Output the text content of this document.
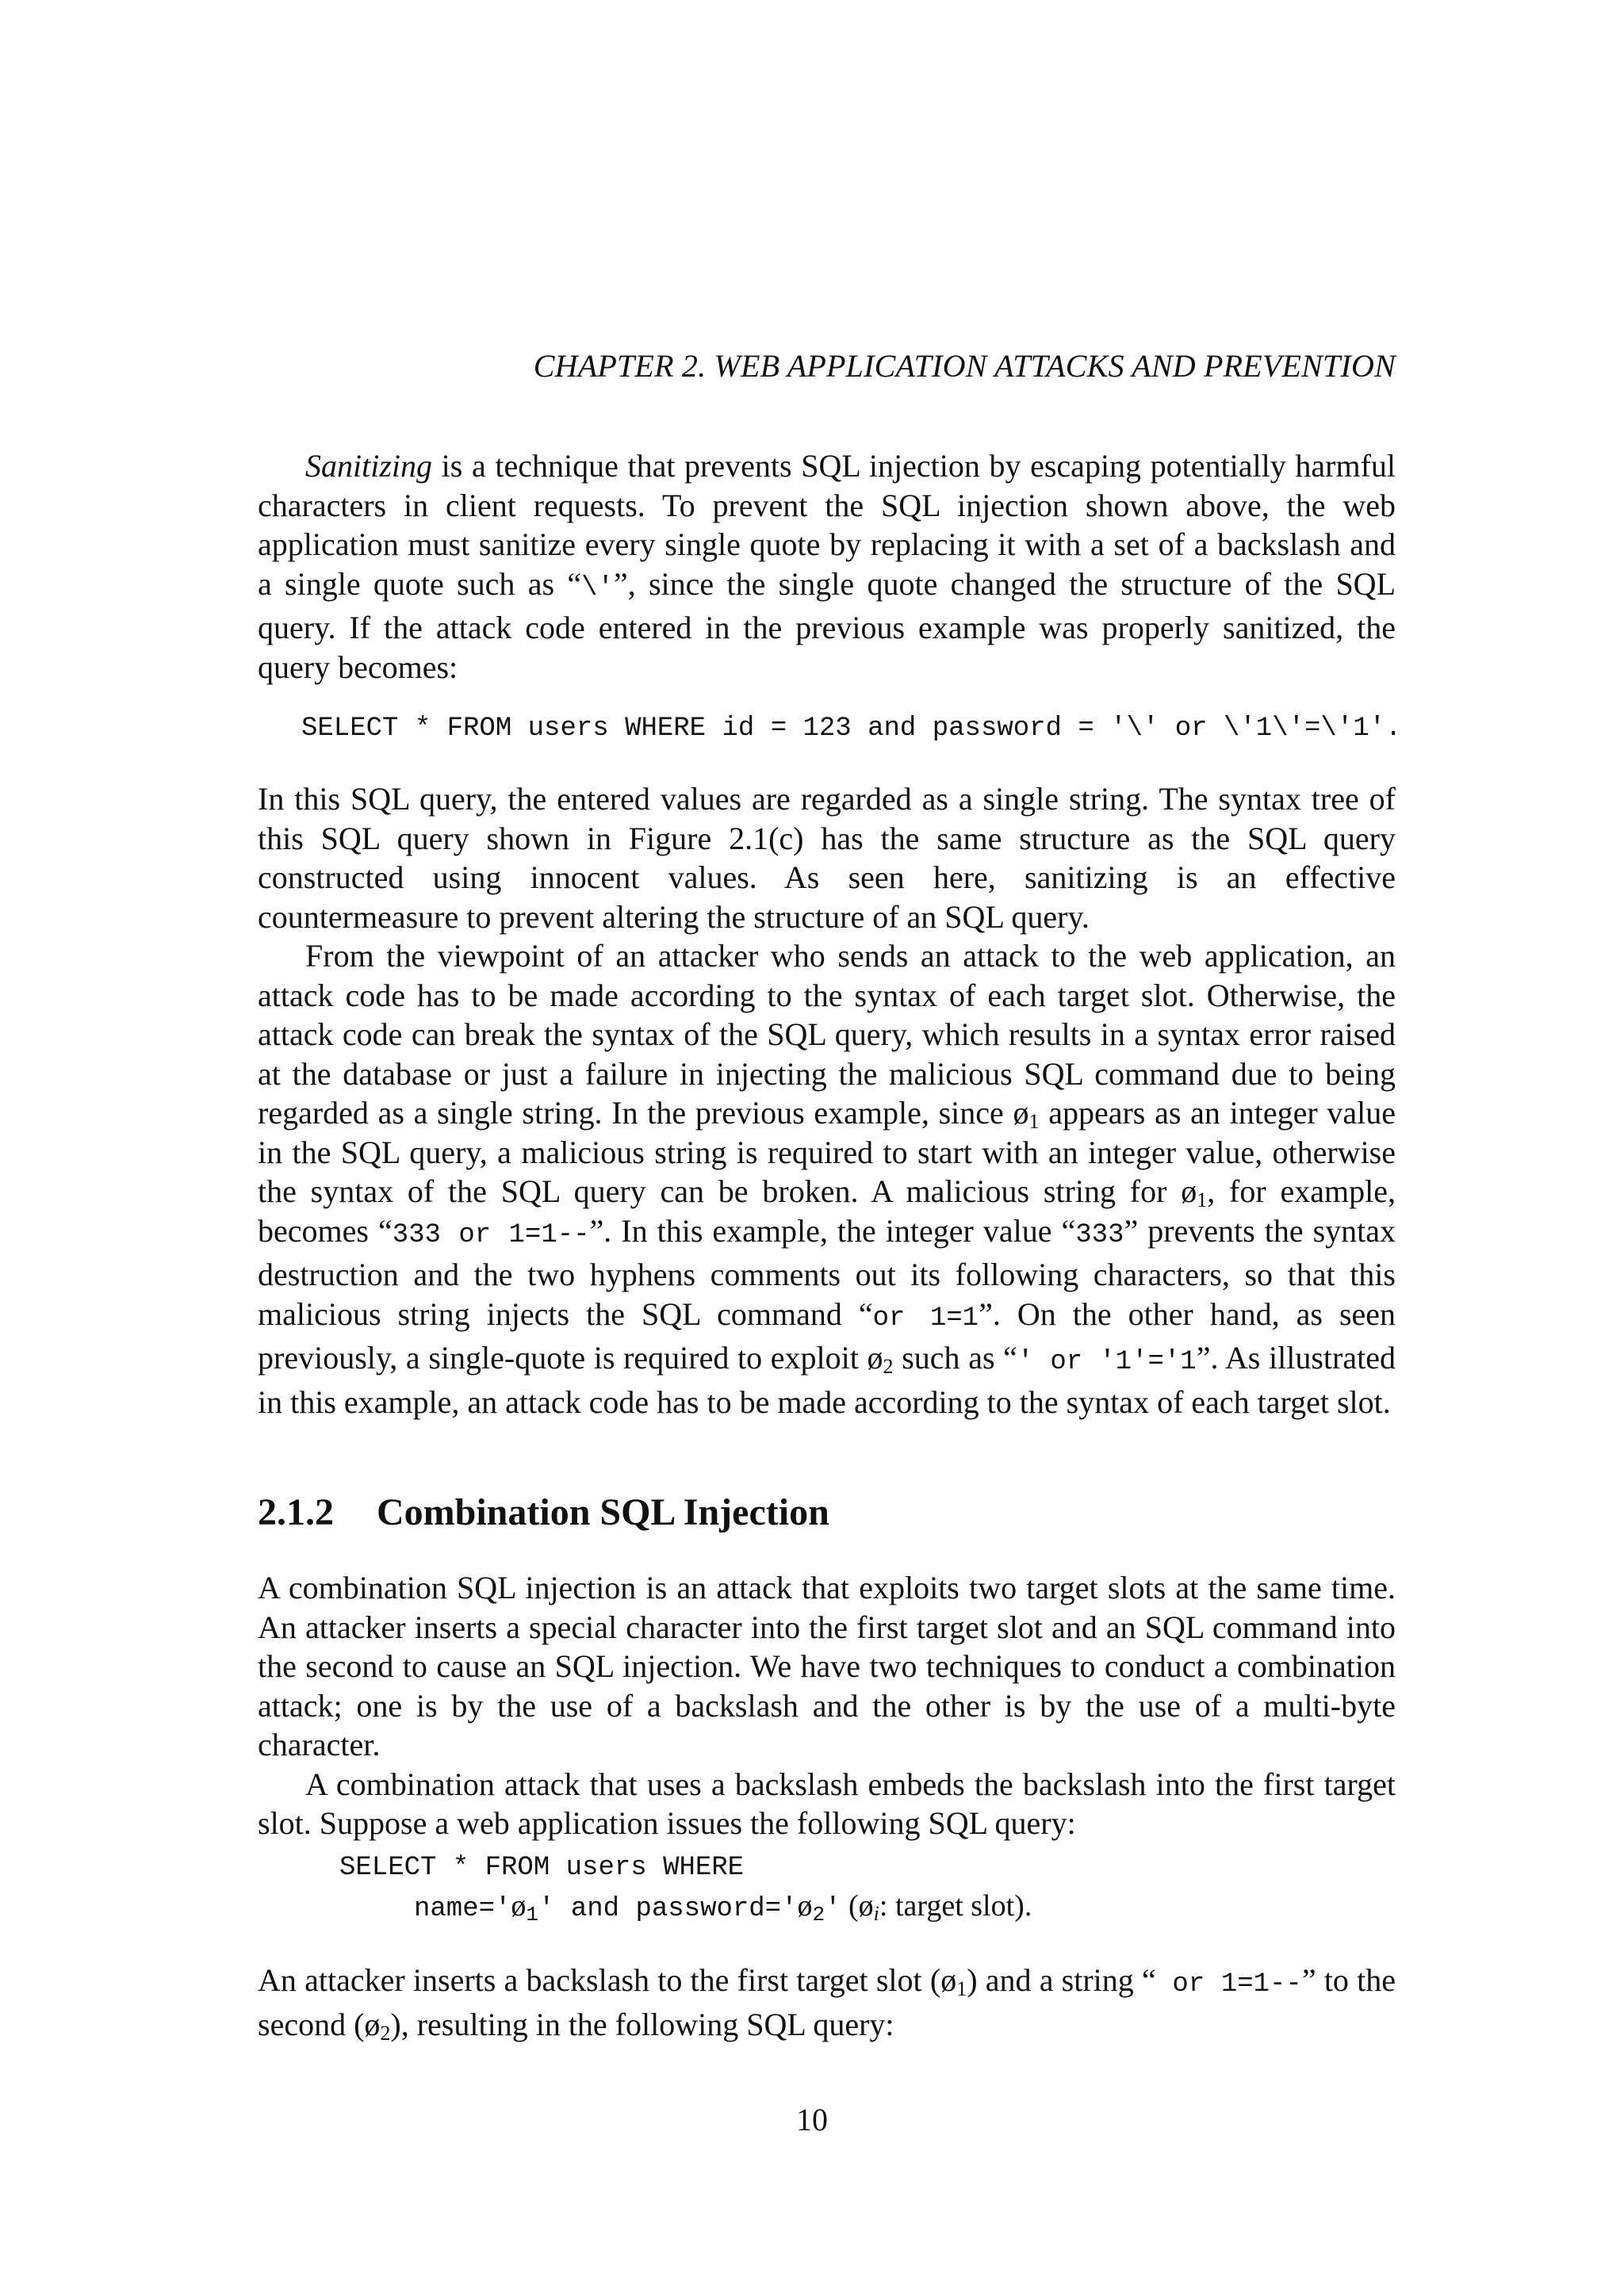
CHAPTER 2. WEB APPLICATION ATTACKS AND PREVENTION

Sanitizing is a technique that prevents SQL injection by escaping potentially harmful characters in client requests. To prevent the SQL injection shown above, the web application must sanitize every single quote by replacing it with a set of a backslash and a single quote such as “\'”, since the single quote changed the structure of the SQL query. If the attack code entered in the previous example was properly sanitized, the query becomes:

SELECT * FROM users WHERE id = 123 and password = '\' or \'1\'=\'1'.

In this SQL query, the entered values are regarded as a single string. The syntax tree of this SQL query shown in Figure 2.1(c) has the same structure as the SQL query constructed using innocent values. As seen here, sanitizing is an effective countermeasure to prevent altering the structure of an SQL query.

From the viewpoint of an attacker who sends an attack to the web application, an attack code has to be made according to the syntax of each target slot. Otherwise, the attack code can break the syntax of the SQL query, which results in a syntax error raised at the database or just a failure in injecting the malicious SQL command due to being regarded as a single string. In the previous example, since $ø_1$ appears as an integer value in the SQL query, a malicious string is required to start with an integer value, otherwise the syntax of the SQL query can be broken. A malicious string for $ø_1$, for example, becomes “333 or 1=1--”. In this example, the integer value “333” prevents the syntax destruction and the two hyphens comments out its following characters, so that this malicious string injects the SQL command “or 1=1”. On the other hand, as seen previously, a single-quote is required to exploit $ø_2$ such as “' or '1'='1”. As illustrated in this example, an attack code has to be made according to the syntax of each target slot.

2.1.2 Combination SQL Injection

A combination SQL injection is an attack that exploits two target slots at the same time. An attacker inserts a special character into the first target slot and an SQL command into the second to cause an SQL injection. We have two techniques to conduct a combination attack; one is by the use of a backslash and the other is by the use of a multi-byte character.

A combination attack that uses a backslash embeds the backslash into the first target slot. Suppose a web application issues the following SQL query:

SELECT * FROM users WHERE
$name='ø_1'$ and $password='ø_2'$ ($ø_i$: target slot).

An attacker inserts a backslash to the first target slot $(ø_1)$ and a string “ or 1=1--” to the second $(ø_2)$, resulting in the following SQL query:

10
